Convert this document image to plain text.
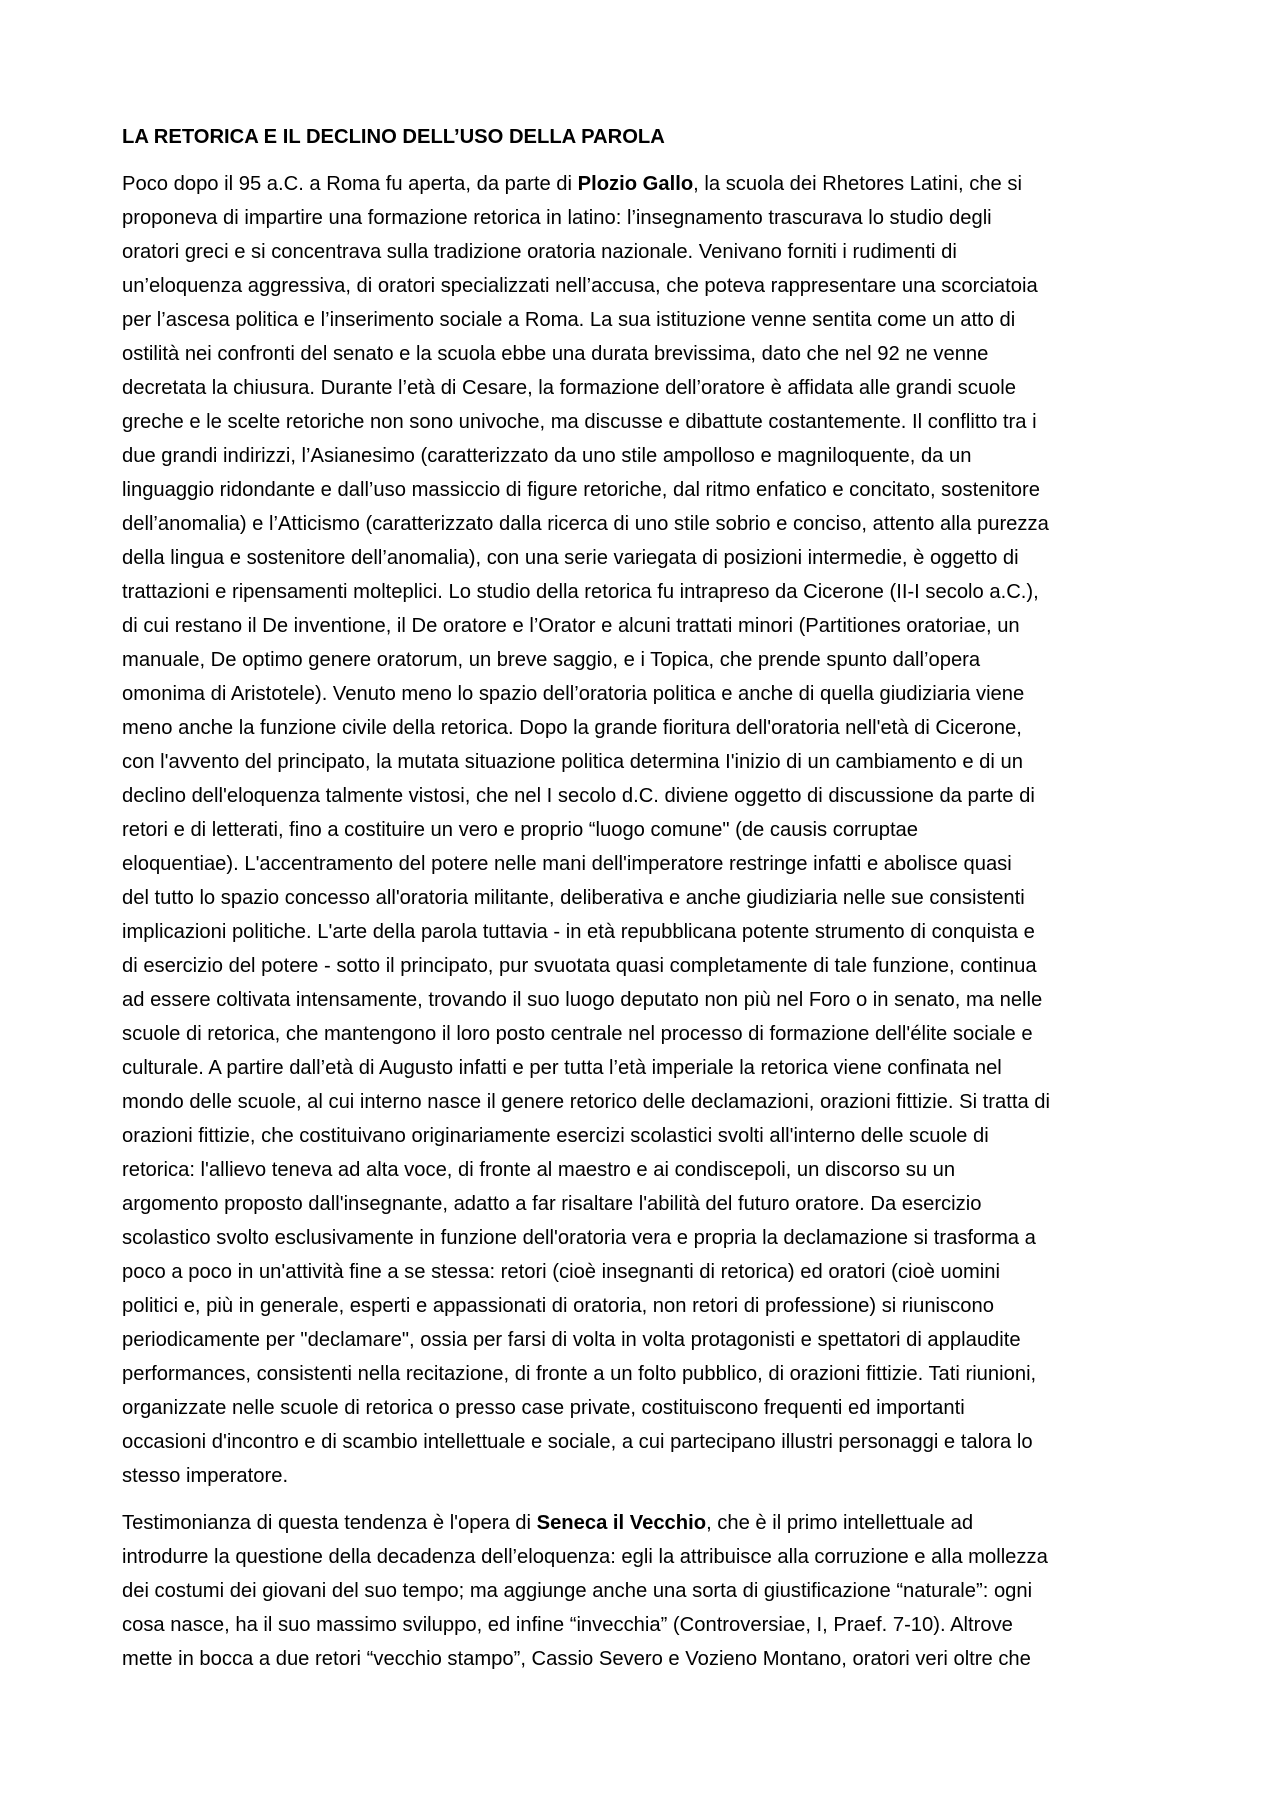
LA RETORICA E IL DECLINO DELL’USO DELLA PAROLA
Poco dopo il 95 a.C. a Roma fu aperta, da parte di Plozio Gallo, la scuola dei Rhetores Latini, che si
proponeva di impartire una formazione retorica in latino: l’insegnamento trascurava lo studio degli
oratori greci e si concentrava sulla tradizione oratoria nazionale. Venivano forniti i rudimenti di
un’eloquenza aggressiva, di oratori specializzati nell’accusa, che poteva rappresentare una scorciatoia
per l’ascesa politica e l’inserimento sociale a Roma. La sua istituzione venne sentita come un atto di
ostilità nei confronti del senato e la scuola ebbe una durata brevissima, dato che nel 92 ne venne
decretata la chiusura. Durante l’età di Cesare, la formazione dell’oratore è affidata alle grandi scuole
greche e le scelte retoriche non sono univoche, ma discusse e dibattute costantemente. Il conflitto tra i
due grandi indirizzi, l’Asianesimo (caratterizzato da uno stile ampolloso e magniloquente, da un
linguaggio ridondante e dall’uso massiccio di figure retoriche, dal ritmo enfatico e concitato, sostenitore
dell’anomalia) e l’Atticismo (caratterizzato dalla ricerca di uno stile sobrio e conciso, attento alla purezza
della lingua e sostenitore dell’anomalia), con una serie variegata di posizioni intermedie, è oggetto di
trattazioni e ripensamenti molteplici. Lo studio della retorica fu intrapreso da Cicerone (II-I secolo a.C.),
di cui restano il De inventione, il De oratore e l’Orator e alcuni trattati minori (Partitiones oratoriae, un
manuale, De optimo genere oratorum, un breve saggio, e i Topica, che prende spunto dall’opera
omonima di Aristotele). Venuto meno lo spazio dell’oratoria politica e anche di quella giudiziaria viene
meno anche la funzione civile della retorica. Dopo la grande fioritura dell'oratoria nell'età di Cicerone,
con l'avvento del principato, la mutata situazione politica determina I'inizio di un cambiamento e di un
declino dell'eloquenza talmente vistosi, che nel I secolo d.C. diviene oggetto di discussione da parte di
retori e di letterati, fino a costituire un vero e proprio “luogo comune" (de causis corruptae
eloquentiae). L'accentramento del potere nelle mani dell'imperatore restringe infatti e abolisce quasi
del tutto lo spazio concesso all'oratoria militante, deliberativa e anche giudiziaria nelle sue consistenti
implicazioni politiche. L'arte della parola tuttavia - in età repubblicana potente strumento di conquista e
di esercizio del potere - sotto il principato, pur svuotata quasi completamente di tale funzione, continua
ad essere coltivata intensamente, trovando il suo luogo deputato non più nel Foro o in senato, ma nelle
scuole di retorica, che mantengono il loro posto centrale nel processo di formazione dell'élite sociale e
culturale. A partire dall’età di Augusto infatti e per tutta l’età imperiale la retorica viene confinata nel
mondo delle scuole, al cui interno nasce il genere retorico delle declamazioni, orazioni fittizie. Si tratta di
orazioni fittizie, che costituivano originariamente esercizi scolastici svolti all'interno delle scuole di
retorica: l'allievo teneva ad alta voce, di fronte al maestro e ai condiscepoli, un discorso su un
argomento proposto dall'insegnante, adatto a far risaltare l'abilità del futuro oratore. Da esercizio
scolastico svolto esclusivamente in funzione dell'oratoria vera e propria la declamazione si trasforma a
poco a poco in un'attività fine a se stessa: retori (cioè insegnanti di retorica) ed oratori (cioè uomini
politici e, più in generale, esperti e appassionati di oratoria, non retori di professione) si riuniscono
periodicamente per "declamare", ossia per farsi di volta in volta protagonisti e spettatori di applaudite
performances, consistenti nella recitazione, di fronte a un folto pubblico, di orazioni fittizie. Tati riunioni,
organizzate nelle scuole di retorica o presso case private, costituiscono frequenti ed importanti
occasioni d'incontro e di scambio intellettuale e sociale, a cui partecipano illustri personaggi e talora lo
stesso imperatore.
Testimonianza di questa tendenza è l'opera di Seneca il Vecchio, che è il primo intellettuale ad
introdurre la questione della decadenza dell’eloquenza: egli la attribuisce alla corruzione e alla mollezza
dei costumi dei giovani del suo tempo; ma aggiunge anche una sorta di giustificazione “naturale”: ogni
cosa nasce, ha il suo massimo sviluppo, ed infine “invecchia” (Controversiae, I, Praef. 7-10). Altrove
mette in bocca a due retori “vecchio stampo”, Cassio Severo e Vozieno Montano, oratori veri oltre che
